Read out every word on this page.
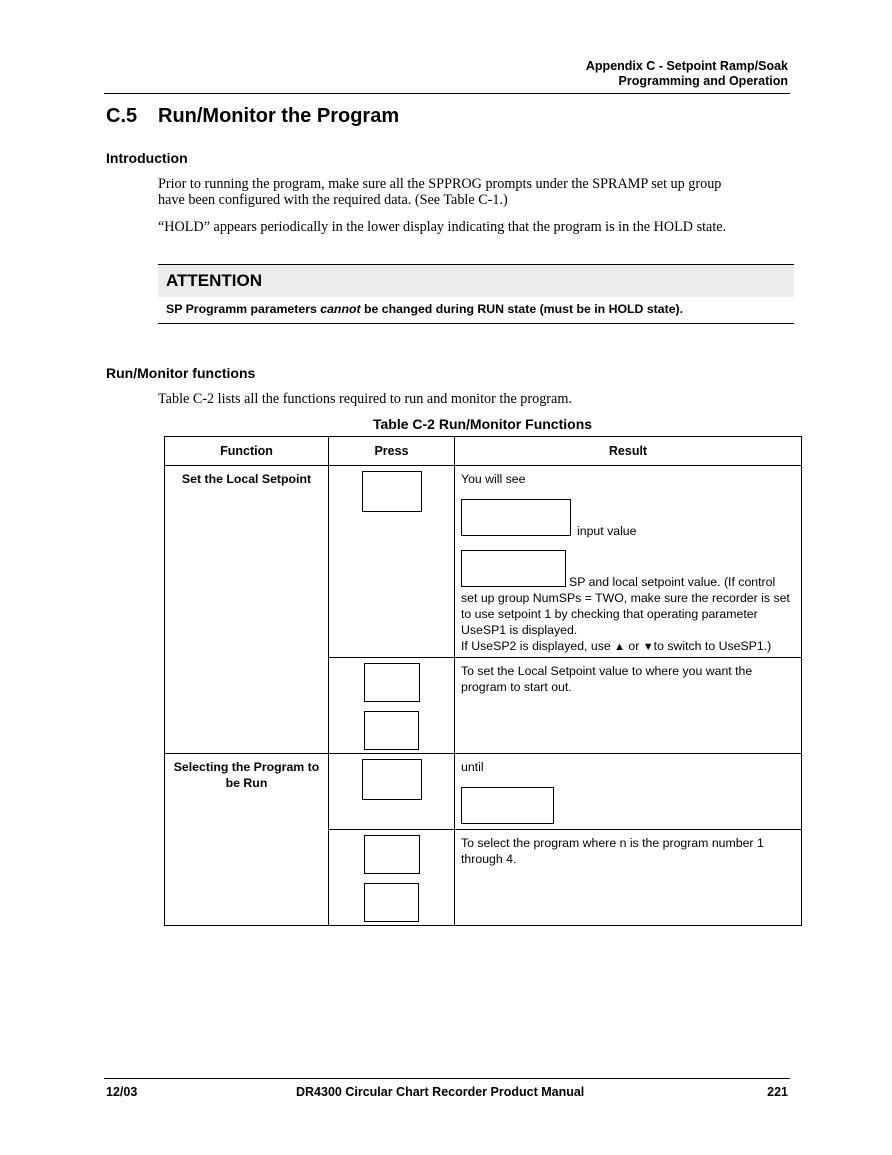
Appendix C - Setpoint Ramp/Soak
Programming and Operation
C.5 Run/Monitor the Program
Introduction
Prior to running the program, make sure all the SPPROG prompts under the SPRAMP set up group have been configured with the required data. (See Table C-1.)
“HOLD” appears periodically in the lower display indicating that the program is in the HOLD state.
ATTENTION
SP Programm parameters cannot be changed during RUN state (must be in HOLD state).
Run/Monitor functions
Table C-2 lists all the functions required to run and monitor the program.
Table C-2 Run/Monitor Functions
Function	Press	Result
Set the Local Setpoint		You will see
input value
SP and local setpoint value. (If control set up group NumSPs = TWO, make sure the recorder is set to use setpoint 1 by checking that operating parameter UseSP1 is displayed.
If UseSP2 is displayed, use ▲ or ▼to switch to UseSP1.)

		To set the Local Setpoint value to where you want the program to start out.

Selecting the Program to be Run		until

		To select the program where n is the program number 1 through 4.
12/03	DR4300 Circular Chart Recorder Product Manual	221
